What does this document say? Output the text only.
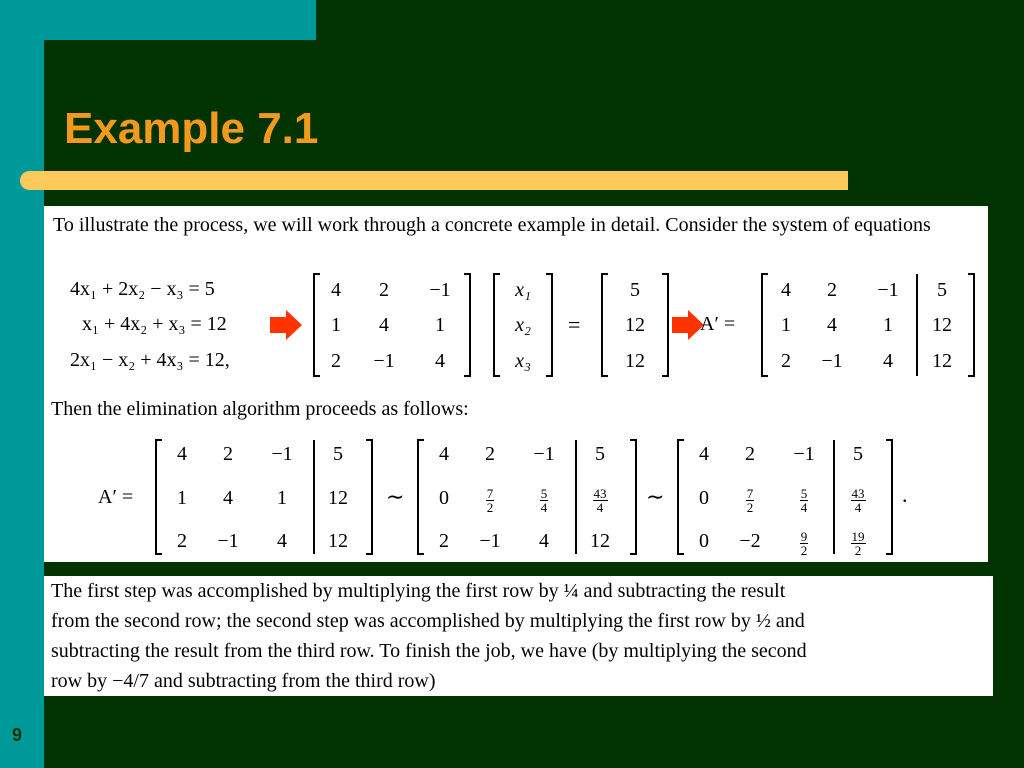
Example 7.1
To illustrate the process, we will work through a concrete example in detail. Consider the system of equations
4x₁ + 2x₂ − x₃ = 5
x₁ + 4x₂ + x₃ = 12
2x₁ − x₂ + 4x₃ = 12,
4	2	−1
1	4	1
2	−1	4
x₁
x₂
x₃
=
5
12
12
A′ =
4	2	−1	5
1	4	1	12
2	−1	4	12
Then the elimination algorithm proceeds as follows:
A′ =
4	2	−1	5
1	4	1	12
2	−1	4	12
∼
4	2	−1	5
0	$\frac{7}{2}$	$\frac{5}{4}$	$\frac{43}{4}$
2	−1	4	12
∼
4	2	−1	5
0	$\frac{7}{2}$	$\frac{5}{4}$	$\frac{43}{4}$
0	−2	$\frac{9}{2}$	$\frac{19}{2}$
.
The first step was accomplished by multiplying the first row by ¼ and subtracting the result
from the second row; the second step was accomplished by multiplying the first row by ½ and
subtracting the result from the third row. To finish the job, we have (by multiplying the second
row by −4/7 and subtracting from the third row)
9
